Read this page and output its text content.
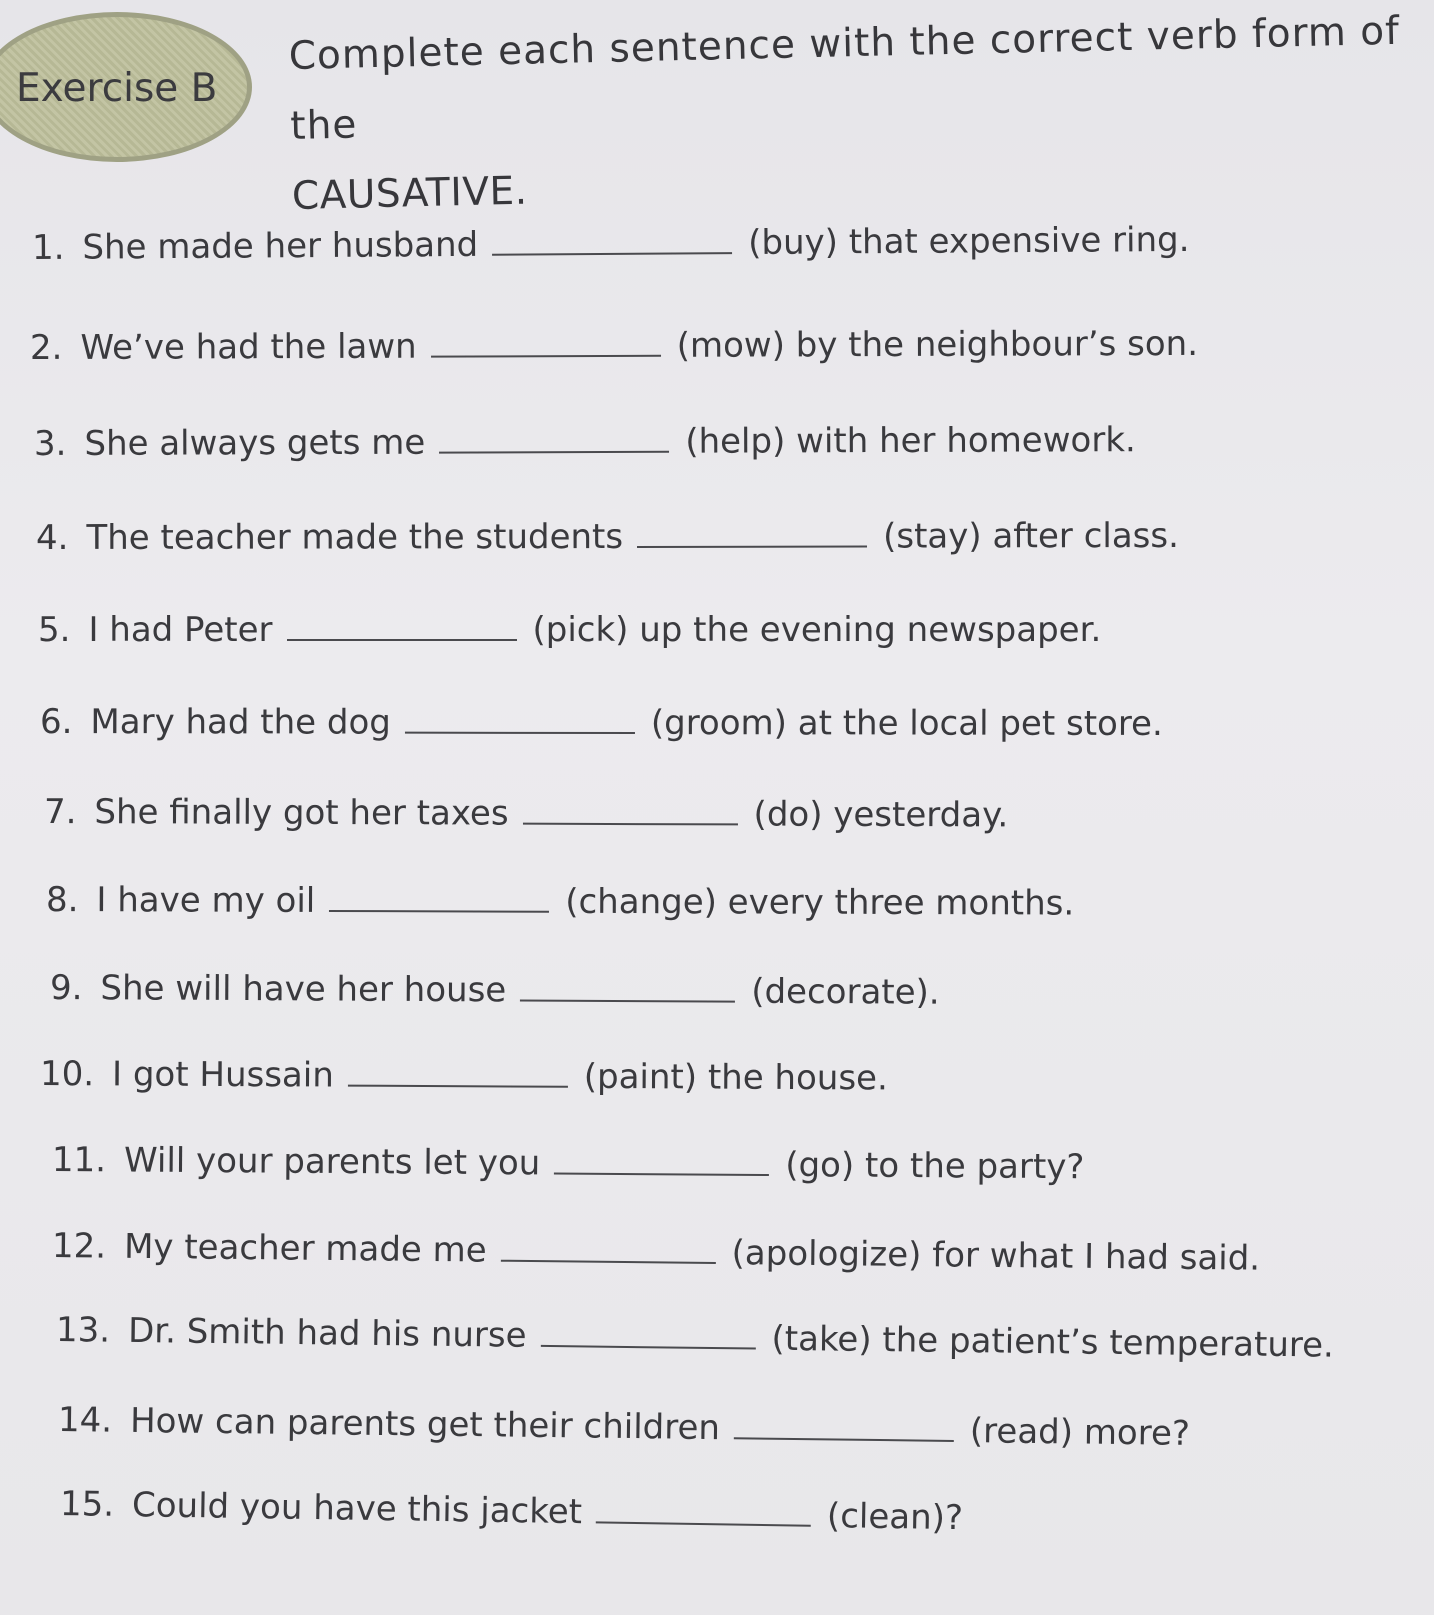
Exercise B
Complete each sentence with the correct verb form of the
CAUSATIVE.
1. She made her husband	(buy) that expensive ring.
2. We’ve had the lawn	(mow) by the neighbour’s son.
3. She always gets me	(help) with her homework.
4. The teacher made the students	(stay) after class.
5. I had Peter	(pick) up the evening newspaper.
6. Mary had the dog	(groom) at the local pet store.
7. She finally got her taxes	(do) yesterday.
8. I have my oil	(change) every three months.
9. She will have her house	(decorate).
10. I got Hussain	(paint) the house.
11. Will your parents let you	(go) to the party?
12. My teacher made me	(apologize) for what I had said.
13. Dr. Smith had his nurse	(take) the patient’s temperature.
14. How can parents get their children	(read) more?
15. Could you have this jacket	(clean)?
